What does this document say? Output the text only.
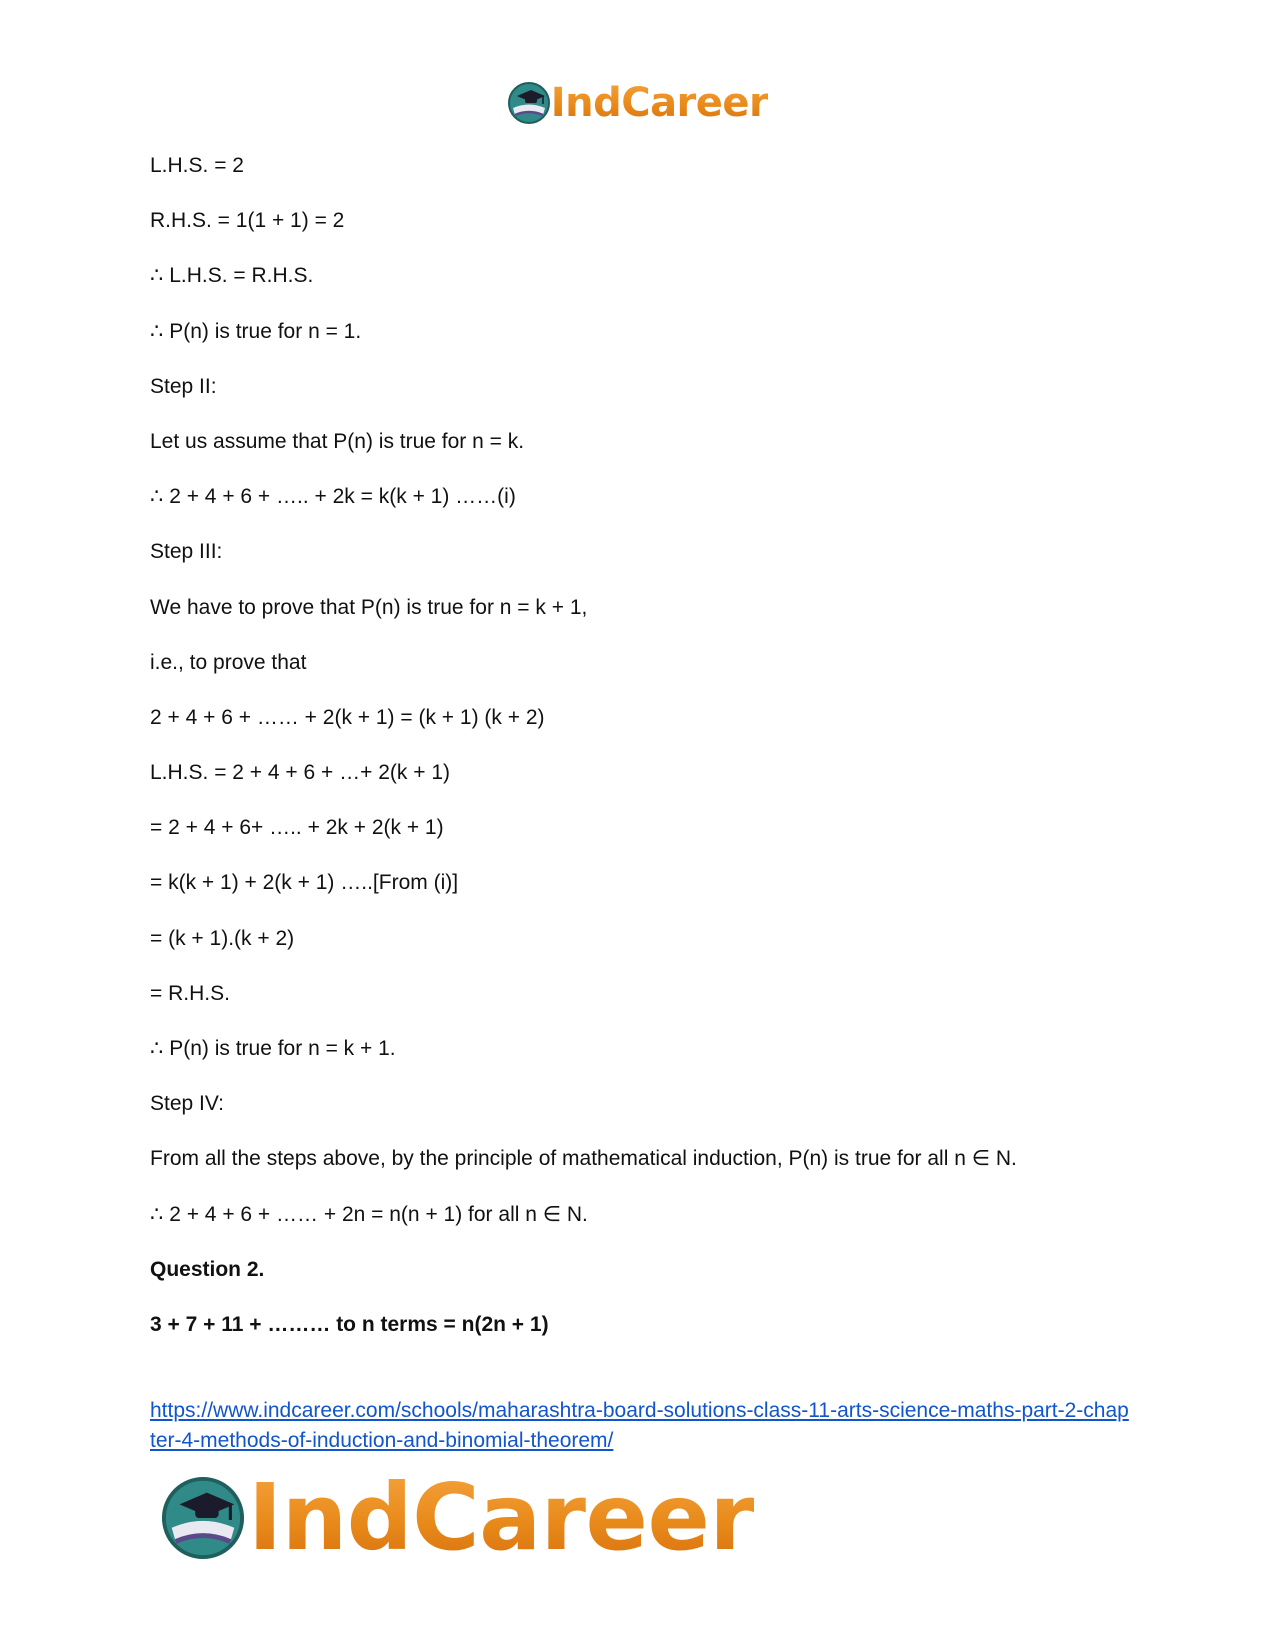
IndCareer
L.H.S. = 2
R.H.S. = 1(1 + 1) = 2
∴ L.H.S. = R.H.S.
∴ P(n) is true for n = 1.
Step II:
Let us assume that P(n) is true for n = k.
∴ 2 + 4 + 6 + ….. + 2k = k(k + 1) ……(i)
Step III:
We have to prove that P(n) is true for n = k + 1,
i.e., to prove that
2 + 4 + 6 + …… + 2(k + 1) = (k + 1) (k + 2)
L.H.S. = 2 + 4 + 6 + …+ 2(k + 1)
= 2 + 4 + 6+ ….. + 2k + 2(k + 1)
= k(k + 1) + 2(k + 1) …..[From (i)]
= (k + 1).(k + 2)
= R.H.S.
∴ P(n) is true for n = k + 1.
Step IV:
From all the steps above, by the principle of mathematical induction, P(n) is true for all n ∈ N.
∴ 2 + 4 + 6 + …… + 2n = n(n + 1) for all n ∈ N.
Question 2.
3 + 7 + 11 + ……… to n terms = n(2n + 1)
https://www.indcareer.com/schools/maharashtra-board-solutions-class-11-arts-science-maths-part-2-chapter-4-methods-of-induction-and-binomial-theorem/
IndCareer
